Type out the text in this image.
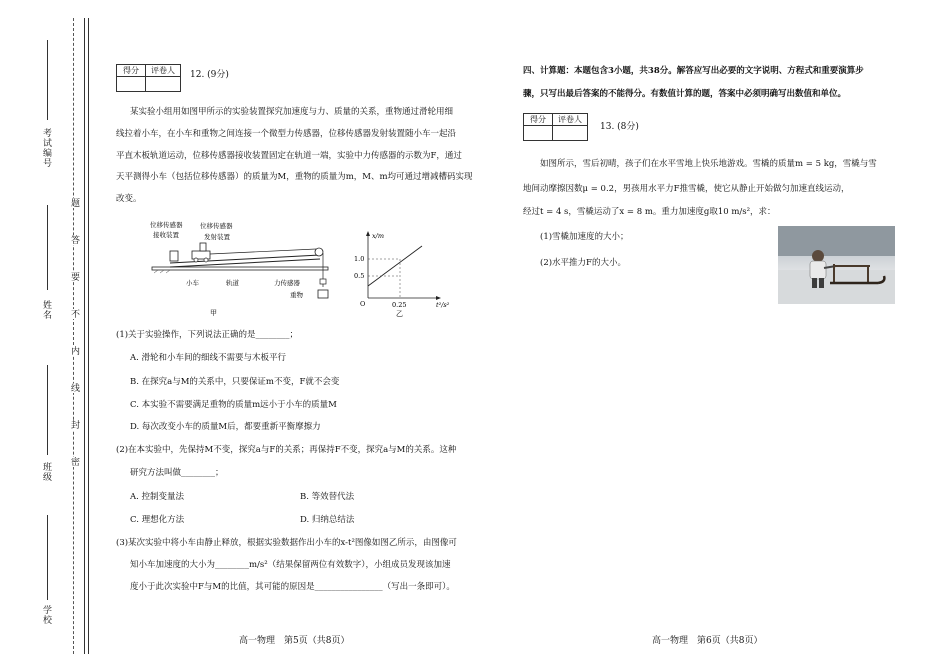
考试编号
姓名
班级
学校
题
答
要
不
内
线
封
密
得分	评卷人
	12. (9分)
某实验小组用如图甲所示的实验装置探究加速度与力、质量的关系，重物通过滑轮用细
线拉着小车，在小车和重物之间连接一个微型力传感器，位移传感器发射装置随小车一起沿
平直木板轨道运动，位移传感器接收装置固定在轨道一端，实验中力传感器的示数为F，通过
天平测得小车（包括位移传感器）的质量为M，重物的质量为m，M、m均可通过增减槽码实现
改变。
位移传感器
接收装置
位移传感器
发射装置
小车	轨道	力传感器
重物
甲
x/m
t²/s²
1.0
0.5
0.25
O
乙
(1)关于实验操作，下列说法正确的是________；
A. 滑轮和小车间的细线不需要与木板平行
B. 在探究a与M的关系中，只要保证m不变，F就不会变
C. 本实验不需要满足重物的质量m远小于小车的质量M
D. 每次改变小车的质量M后，都要重新平衡摩擦力
(2)在本实验中，先保持M不变，探究a与F的关系；再保持F不变，探究a与M的关系。这种
研究方法叫做________；
A. 控制变量法	B. 等效替代法
C. 理想化方法	D. 归纳总结法
(3)某次实验中将小车由静止释放，根据实验数据作出小车的x-t²图像如图乙所示，由图像可
知小车加速度的大小为________m/s²（结果保留两位有效数字），小组成员发现该加速
度小于此次实验中F与M的比值，其可能的原因是________________（写出一条即可）。
高一物理　第5页（共8页）
四、计算题：本题包含3小题，共38分。解答应写出必要的文字说明、方程式和重要演算步
骤，只写出最后答案的不能得分。有数值计算的题，答案中必须明确写出数值和单位。
得分	评卷人

13. (8分)
如图所示，雪后初晴，孩子们在水平雪地上快乐地游戏。雪橇的质量m = 5 kg，雪橇与雪
地间动摩擦因数μ = 0.2，男孩用水平力F推雪橇，使它从静止开始做匀加速直线运动，
经过t = 4 s，雪橇运动了x = 8 m。重力加速度g取10 m/s²，求：
(1)雪橇加速度的大小；
(2)水平推力F的大小。
高一物理　第6页（共8页）
